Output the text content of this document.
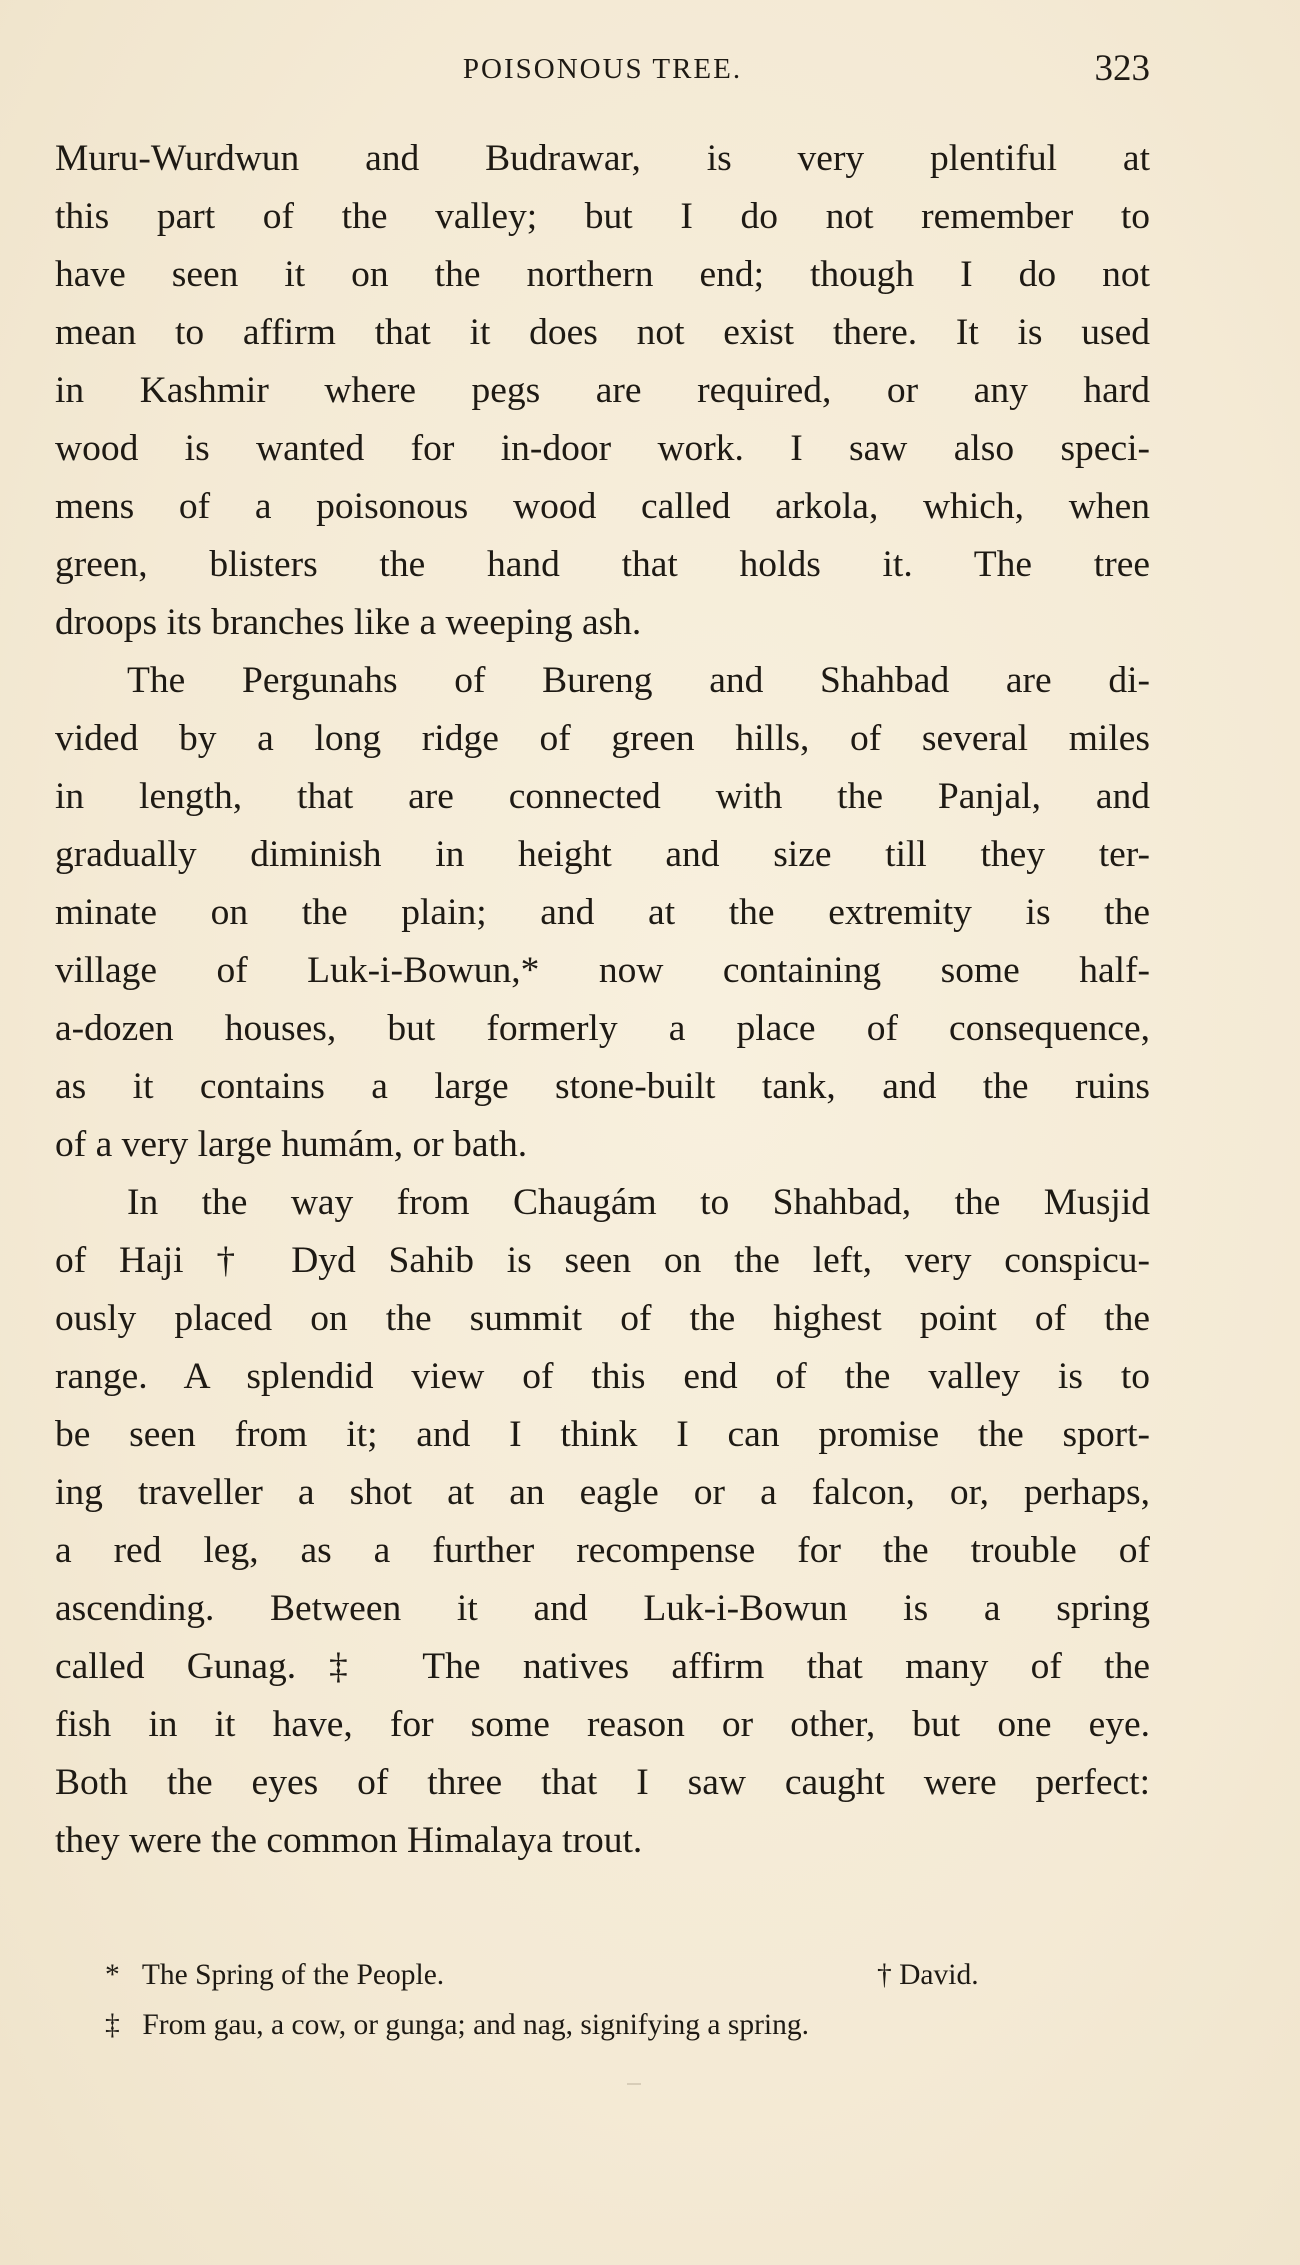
POISONOUS TREE.	323
Muru-Wurdwun and Budrawar, is very plentiful at
this part of the valley; but I do not remember to
have seen it on the northern end; though I do not
mean to affirm that it does not exist there. It is used
in Kashmir where pegs are required, or any hard
wood is wanted for in-door work. I saw also speci-
mens of a poisonous wood called arkola, which, when
green, blisters the hand that holds it. The tree
droops its branches like a weeping ash.
The Pergunahs of Bureng and Shahbad are di-
vided by a long ridge of green hills, of several miles
in length, that are connected with the Panjal, and
gradually diminish in height and size till they ter-
minate on the plain; and at the extremity is the
village of Luk-i-Bowun,* now containing some half-
a-dozen houses, but formerly a place of consequence,
as it contains a large stone-built tank, and the ruins
of a very large humám, or bath.
In the way from Chaugám to Shahbad, the Musjid
of Haji † Dyd Sahib is seen on the left, very conspicu-
ously placed on the summit of the highest point of the
range. A splendid view of this end of the valley is to
be seen from it; and I think I can promise the sport-
ing traveller a shot at an eagle or a falcon, or, perhaps,
a red leg, as a further recompense for the trouble of
ascending. Between it and Luk-i-Bowun is a spring
called Gunag.‡ The natives affirm that many of the
fish in it have, for some reason or other, but one eye.
Both the eyes of three that I saw caught were perfect:
they were the common Himalaya trout.
* The Spring of the People.	† David.
‡ From gau, a cow, or gunga; and nag, signifying a spring.
